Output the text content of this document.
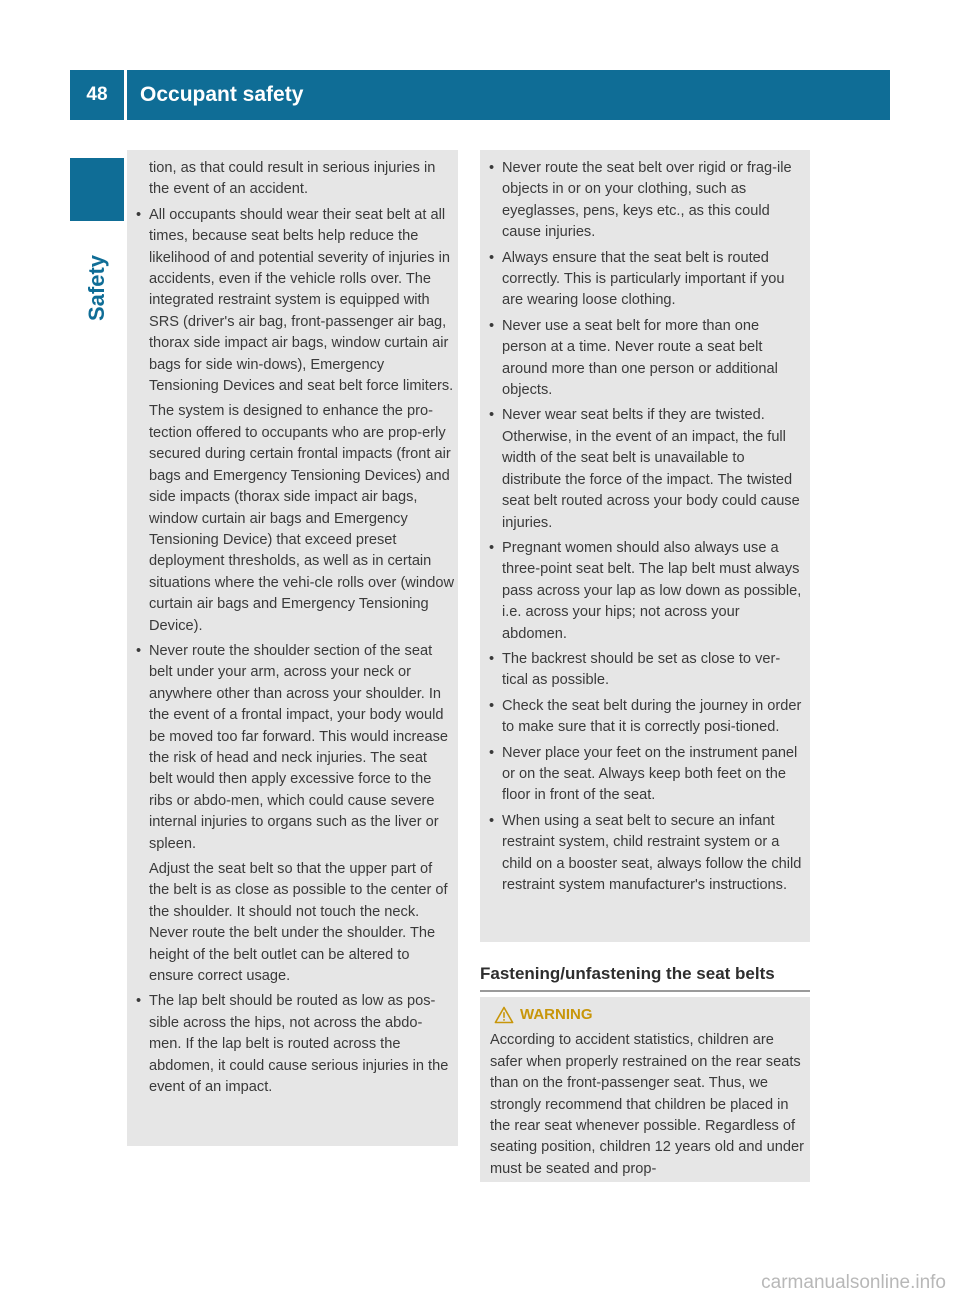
48	Occupant safety
Safety

tion, as that could result in serious injuries in the event of an accident.

• All occupants should wear their seat belt at all times, because seat belts help reduce the likelihood of and potential severity of injuries in accidents, even if the vehicle rolls over. The integrated restraint system is equipped with SRS (driver's air bag, front-passenger air bag, thorax side impact air bags, window curtain air bags for side win-dows), Emergency Tensioning Devices and seat belt force limiters.

The system is designed to enhance the pro-tection offered to occupants who are prop-erly secured during certain frontal impacts (front air bags and Emergency Tensioning Devices) and side impacts (thorax side impact air bags, window curtain air bags and Emergency Tensioning Device) that exceed preset deployment thresholds, as well as in certain situations where the vehi-cle rolls over (window curtain air bags and Emergency Tensioning Device).

• Never route the shoulder section of the seat belt under your arm, across your neck or anywhere other than across your shoulder. In the event of a frontal impact, your body would be moved too far forward. This would increase the risk of head and neck injuries. The seat belt would then apply excessive force to the ribs or abdo-men, which could cause severe internal injuries to organs such as the liver or spleen.

Adjust the seat belt so that the upper part of the belt is as close as possible to the center of the shoulder. It should not touch the neck. Never route the belt under the shoulder. The height of the belt outlet can be altered to ensure correct usage.

• The lap belt should be routed as low as pos-sible across the hips, not across the abdo-men. If the lap belt is routed across the abdomen, it could cause serious injuries in the event of an impact.

• Never route the seat belt over rigid or frag-ile objects in or on your clothing, such as eyeglasses, pens, keys etc., as this could cause injuries.

• Always ensure that the seat belt is routed correctly. This is particularly important if you are wearing loose clothing.

• Never use a seat belt for more than one person at a time. Never route a seat belt around more than one person or additional objects.

• Never wear seat belts if they are twisted. Otherwise, in the event of an impact, the full width of the seat belt is unavailable to distribute the force of the impact. The twisted seat belt routed across your body could cause injuries.

• Pregnant women should also always use a three-point seat belt. The lap belt must always pass across your lap as low down as possible, i.e. across your hips; not across your abdomen.

• The backrest should be set as close to ver-tical as possible.

• Check the seat belt during the journey in order to make sure that it is correctly posi-tioned.

• Never place your feet on the instrument panel or on the seat. Always keep both feet on the floor in front of the seat.

• When using a seat belt to secure an infant restraint system, child restraint system or a child on a booster seat, always follow the child restraint system manufacturer's instructions.

Fastening/unfastening the seat belts
WARNING

According to accident statistics, children are safer when properly restrained on the rear seats than on the front-passenger seat. Thus, we strongly recommend that children be placed in the rear seat whenever possible. Regardless of seating position, children 12 years old and under must be seated and prop-

carmanualsonline.info
